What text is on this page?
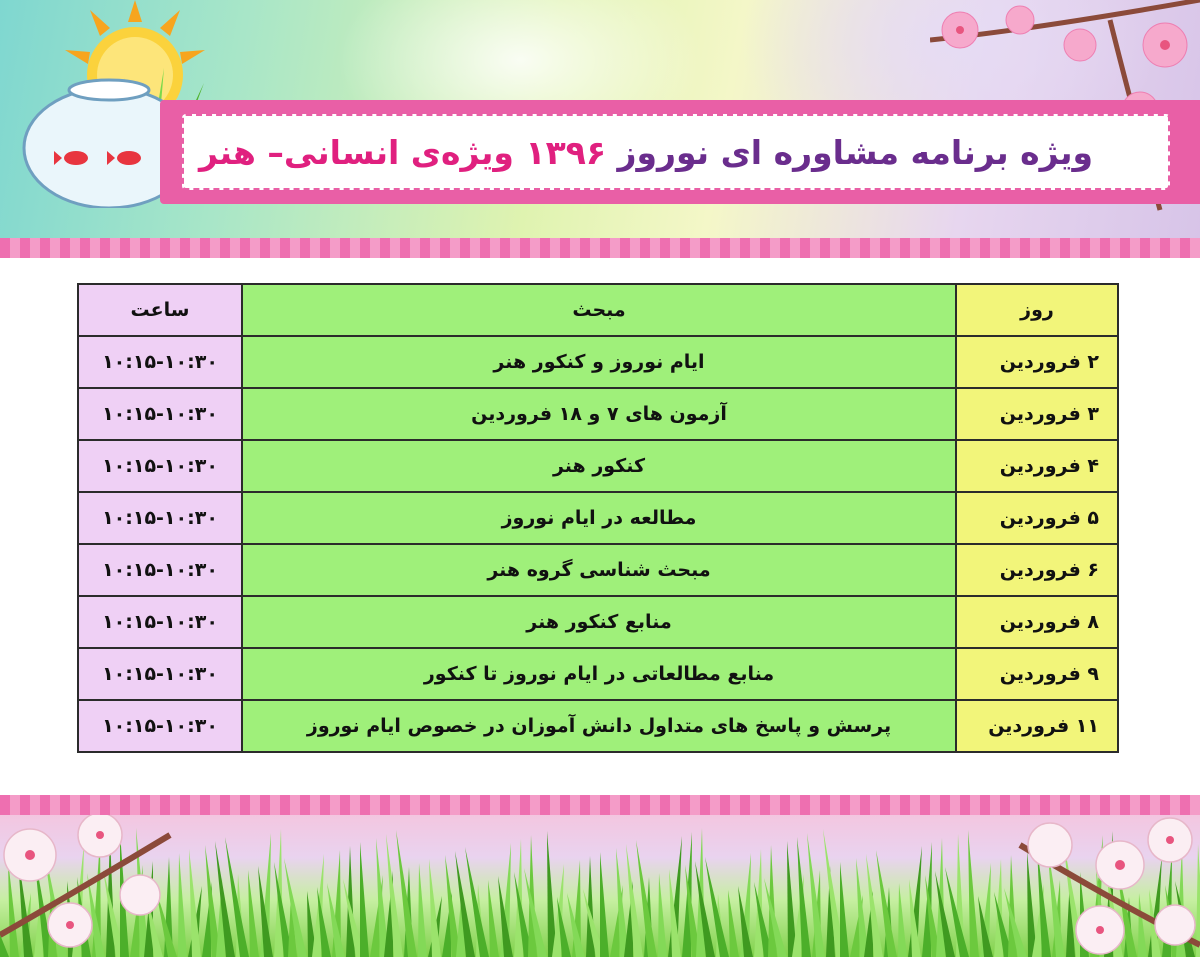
ویژه برنامه مشاوره ای نوروز ۱۳۹۶ ویژه‌ی انسانی– هنر
روز	مبحث	ساعت
۲ فروردین	ایام نوروز و کنکور هنر	۱۰:۱۵-۱۰:۳۰
۳ فروردین	آزمون های ۷ و ۱۸ فروردین	۱۰:۱۵-۱۰:۳۰
۴ فروردین	کنکور هنر	۱۰:۱۵-۱۰:۳۰
۵ فروردین	مطالعه در ایام نوروز	۱۰:۱۵-۱۰:۳۰
۶ فروردین	مبحث شناسی گروه هنر	۱۰:۱۵-۱۰:۳۰
۸ فروردین	منابع کنکور هنر	۱۰:۱۵-۱۰:۳۰
۹ فروردین	منابع مطالعاتی در ایام نوروز تا کنکور	۱۰:۱۵-۱۰:۳۰
۱۱ فروردین	پرسش و پاسخ های متداول دانش آموزان در خصوص ایام نوروز	۱۰:۱۵-۱۰:۳۰
